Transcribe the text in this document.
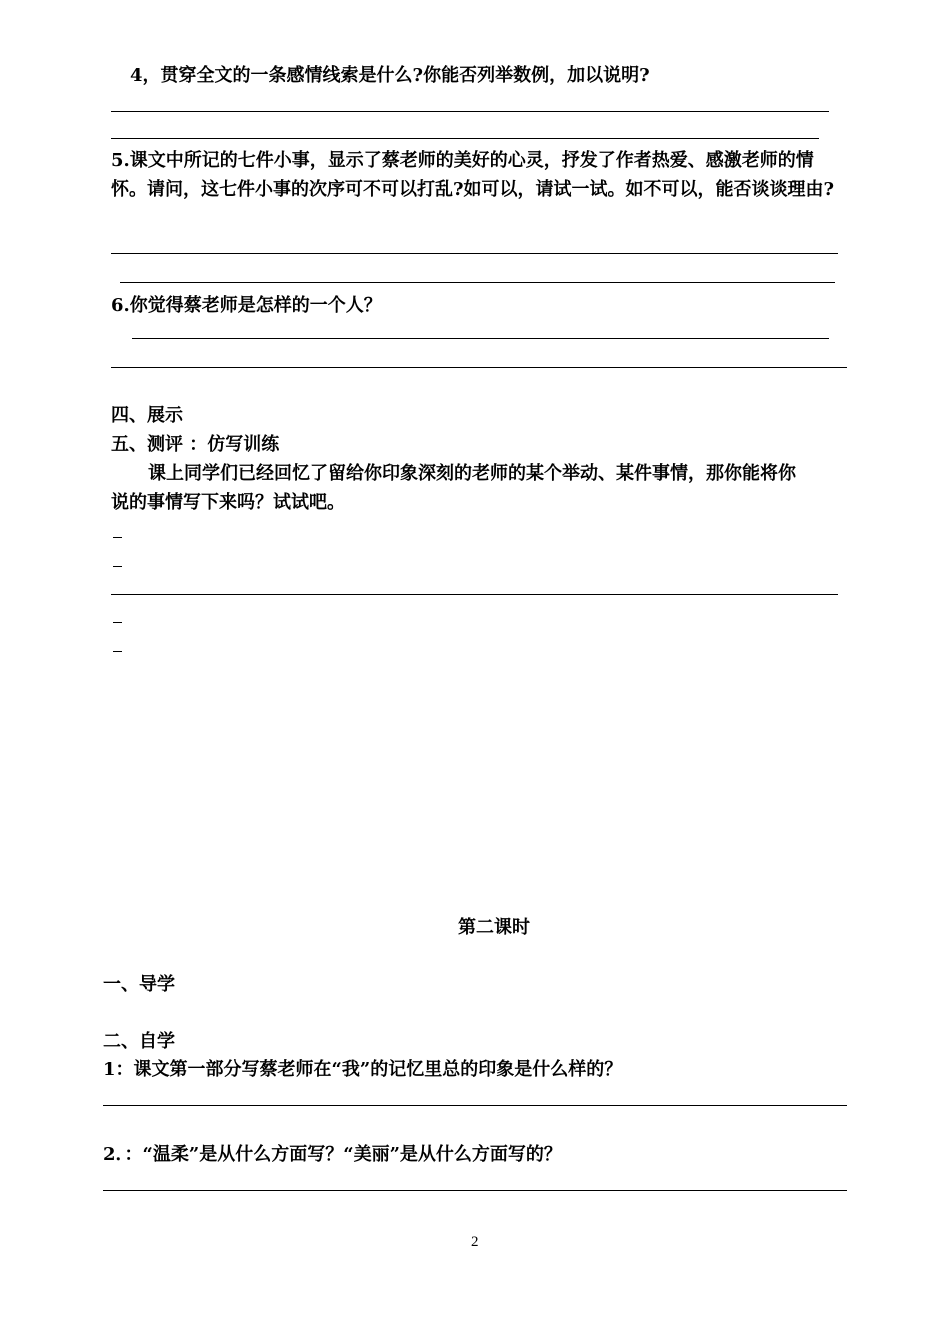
4，贯穿全文的一条感情线索是什么?你能否列举数例，加以说明?
5.课文中所记的七件小事，显示了蔡老师的美好的心灵，抒发了作者热爱、感激老师的情
怀。请问，这七件小事的次序可不可以打乱?如可以，请试一试。如不可以，能否谈谈理由?
6.你觉得蔡老师是怎样的一个人？
四、展示
五、测评 ：仿写训练
课上同学们已经回忆了留给你印象深刻的老师的某个举动、某件事情，那你能将你
说的事情写下来吗？试试吧。
第二课时
一、导学
二、自学
1：课文第一部分写蔡老师在“我”的记忆里总的印象是什么样的？
2．：“温柔”是从什么方面写？“美丽”是从什么方面写的？
2
